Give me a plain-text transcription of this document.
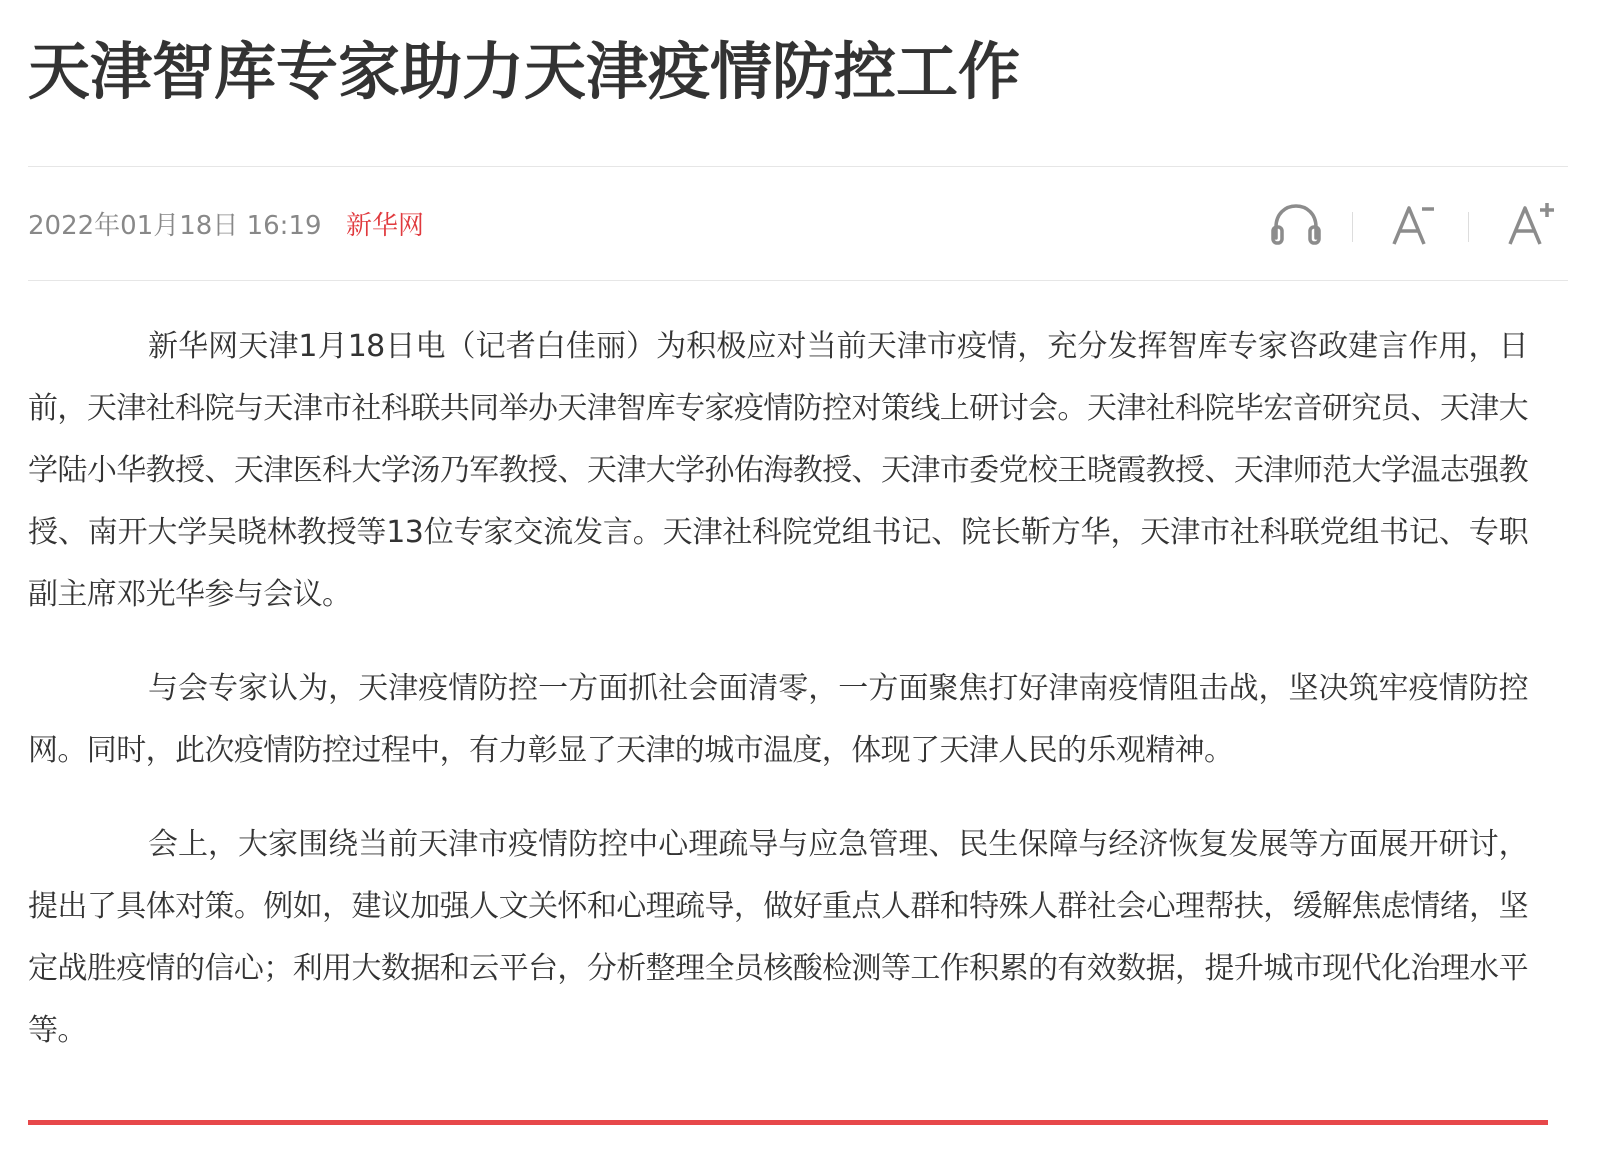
天津智库专家助力天津疫情防控工作
2022年01月18日 16:19 新华网

新华网天津1月18日电（记者白佳丽）为积极应对当前天津市疫情，充分发挥智库专家咨政建言作用，日前，天津社科院与天津市社科联共同举办天津智库专家疫情防控对策线上研讨会。天津社科院毕宏音研究员、天津大学陆小华教授、天津医科大学汤乃军教授、天津大学孙佑海教授、天津市委党校王晓霞教授、天津师范大学温志强教授、南开大学吴晓林教授等13位专家交流发言。天津社科院党组书记、院长靳方华，天津市社科联党组书记、专职副主席邓光华参与会议。

与会专家认为，天津疫情防控一方面抓社会面清零，一方面聚焦打好津南疫情阻击战，坚决筑牢疫情防控网。同时，此次疫情防控过程中，有力彰显了天津的城市温度，体现了天津人民的乐观精神。

会上，大家围绕当前天津市疫情防控中心理疏导与应急管理、民生保障与经济恢复发展等方面展开研讨，提出了具体对策。例如，建议加强人文关怀和心理疏导，做好重点人群和特殊人群社会心理帮扶，缓解焦虑情绪，坚定战胜疫情的信心；利用大数据和云平台，分析整理全员核酸检测等工作积累的有效数据，提升城市现代化治理水平等。
